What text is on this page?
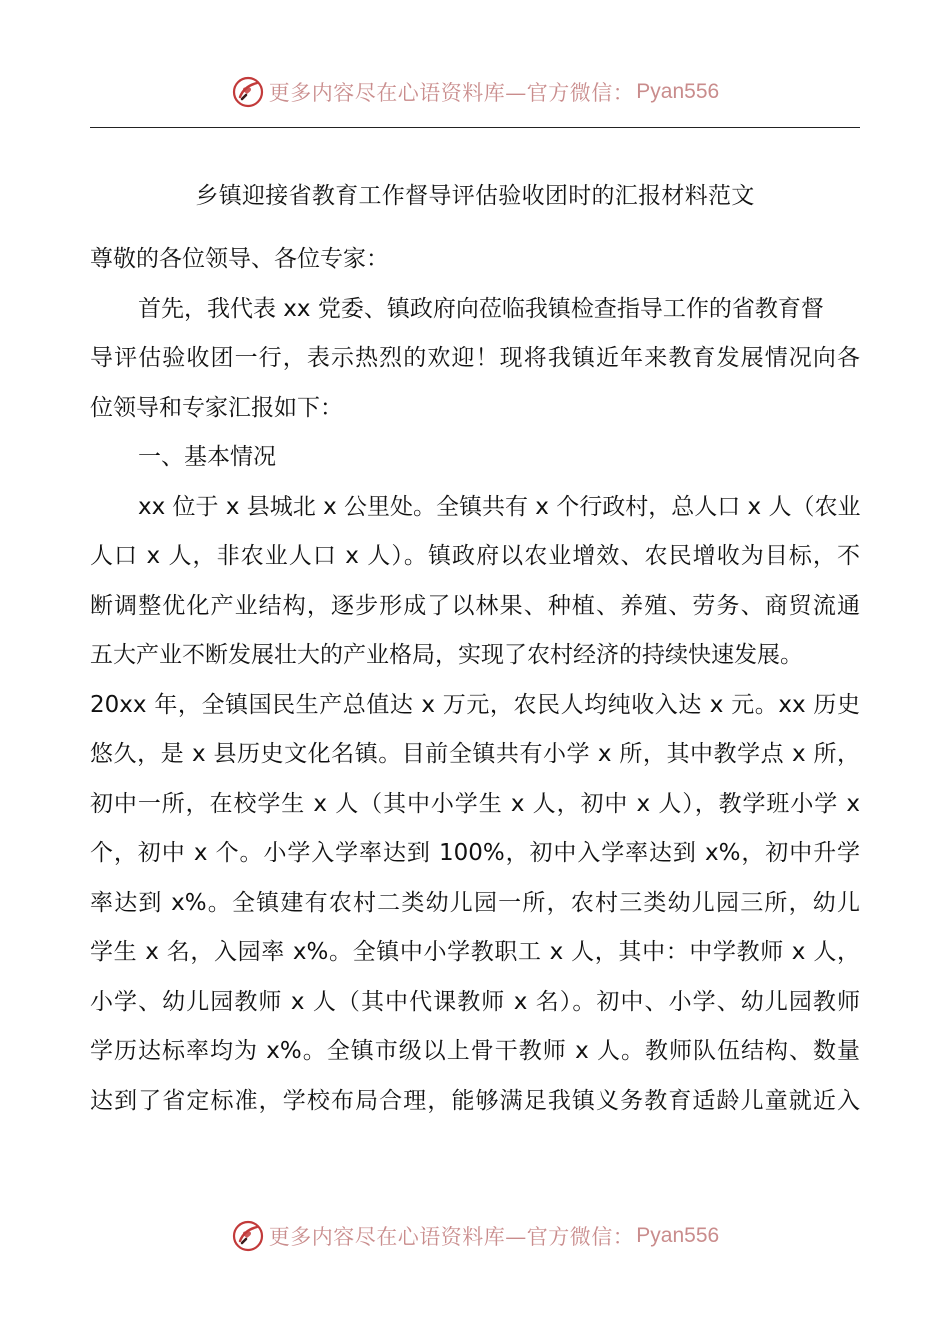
更多内容尽在心语资料库—官方微信： Pyan556
乡镇迎接省教育工作督导评估验收团时的汇报材料范文
尊敬的各位领导、各位专家：
首先，我代表 xx 党委、镇政府向莅临我镇检查指导工作的省教育督
导评估验收团一行，表示热烈的欢迎！现将我镇近年来教育发展情况向各
位领导和专家汇报如下：
一、基本情况
xx 位于 x 县城北 x 公里处。全镇共有 x 个行政村，总人口 x 人（农业
人口 x 人，非农业人口 x 人）。镇政府以农业增效、农民增收为目标，不
断调整优化产业结构，逐步形成了以林果、种植、养殖、劳务、商贸流通
五大产业不断发展壮大的产业格局，实现了农村经济的持续快速发展。
20xx 年，全镇国民生产总值达 x 万元，农民人均纯收入达 x 元。xx 历史
悠久，是 x 县历史文化名镇。目前全镇共有小学 x 所，其中教学点 x 所，
初中一所，在校学生 x 人（其中小学生 x 人，初中 x 人），教学班小学 x
个，初中 x 个。小学入学率达到 100%，初中入学率达到 x%，初中升学
率达到 x%。全镇建有农村二类幼儿园一所，农村三类幼儿园三所，幼儿
学生 x 名，入园率 x%。全镇中小学教职工 x 人，其中：中学教师 x 人，
小学、幼儿园教师 x 人（其中代课教师 x 名）。初中、小学、幼儿园教师
学历达标率均为 x%。全镇市级以上骨干教师 x 人。教师队伍结构、数量
达到了省定标准，学校布局合理，能够满足我镇义务教育适龄儿童就近入
更多内容尽在心语资料库—官方微信： Pyan556
